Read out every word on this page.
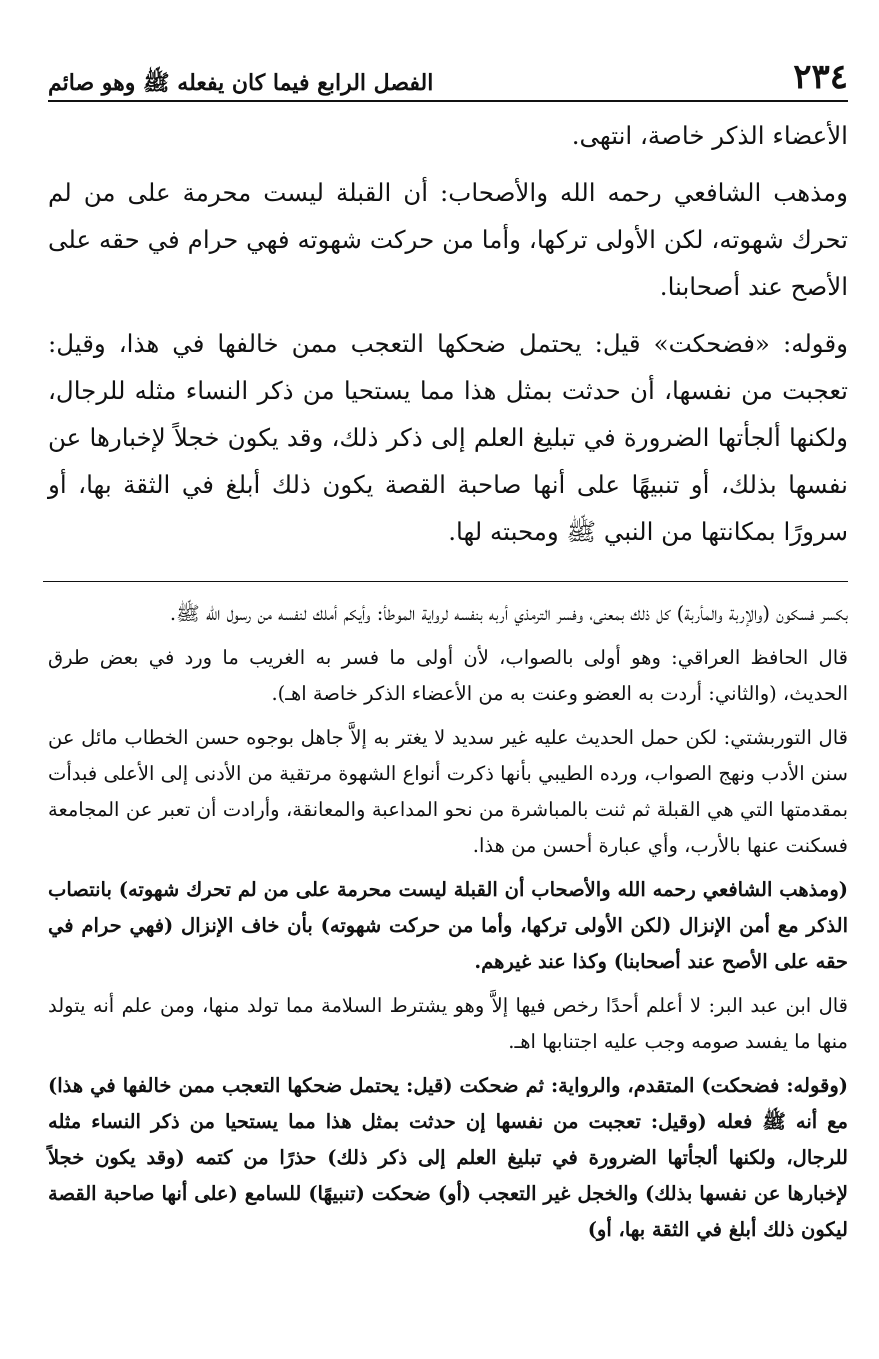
٢٣٤
الفصل الرابع فيما كان يفعله ﷺ وهو صائم

الأعضاء الذكر خاصة، انتهى.

ومذهب الشافعي رحمه الله والأصحاب: أن القبلة ليست محرمة على من لم تحرك شهوته، لكن الأولى تركها، وأما من حركت شهوته فهي حرام في حقه على الأصح عند أصحابنا.

وقوله: «فضحكت» قيل: يحتمل ضحكها التعجب ممن خالفها في هذا، وقيل: تعجبت من نفسها، أن حدثت بمثل هذا مما يستحيا من ذكر النساء مثله للرجال، ولكنها ألجأتها الضرورة في تبليغ العلم إلى ذكر ذلك، وقد يكون خجلاً لإخبارها عن نفسها بذلك، أو تنبيهًا على أنها صاحبة القصة يكون ذلك أبلغ في الثقة بها، أو سرورًا بمكانتها من النبي ﷺ ومحبته لها.

بكسر فسكون (والإربة والمأربة) كل ذلك بمعنى، وفسر الترمذي أربه بنفسه لرواية الموطأ: وأيكم أملك لنفسه من رسول الله ﷺ.

قال الحافظ العراقي: وهو أولى بالصواب، لأن أولى ما فسر به الغريب ما ورد في بعض طرق الحديث، (والثاني: أردت به العضو وعنت به من الأعضاء الذكر خاصة اهـ).

قال التوربشتي: لكن حمل الحديث عليه غير سديد لا يغتر به إلاَّ جاهل بوجوه حسن الخطاب مائل عن سنن الأدب ونهج الصواب، ورده الطيبي بأنها ذكرت أنواع الشهوة مرتقية من الأدنى إلى الأعلى فبدأت بمقدمتها التي هي القبلة ثم ثنت بالمباشرة من نحو المداعبة والمعانقة، وأرادت أن تعبر عن المجامعة فسكنت عنها بالأرب، وأي عبارة أحسن من هذا.

(ومذهب الشافعي رحمه الله والأصحاب أن القبلة ليست محرمة على من لم تحرك شهوته) بانتصاب الذكر مع أمن الإنزال (لكن الأولى تركها، وأما من حركت شهوته) بأن خاف الإنزال (فهي حرام في حقه على الأصح عند أصحابنا) وكذا عند غيرهم.

قال ابن عبد البر: لا أعلم أحدًا رخص فيها إلاَّ وهو يشترط السلامة مما تولد منها، ومن علم أنه يتولد منها ما يفسد صومه وجب عليه اجتنابها اهـ.

(وقوله: فضحكت) المتقدم، والرواية: ثم ضحكت (قيل: يحتمل ضحكها التعجب ممن خالفها في هذا) مع أنه ﷺ فعله (وقيل: تعجبت من نفسها إن حدثت بمثل هذا مما يستحيا من ذكر النساء مثله للرجال، ولكنها ألجأتها الضرورة في تبليغ العلم إلى ذكر ذلك) حذرًا من كتمه (وقد يكون خجلاً لإخبارها عن نفسها بذلك) والخجل غير التعجب (أو) ضحكت (تنبيهًا) للسامع (على أنها صاحبة القصة ليكون ذلك أبلغ في الثقة بها، أو)
